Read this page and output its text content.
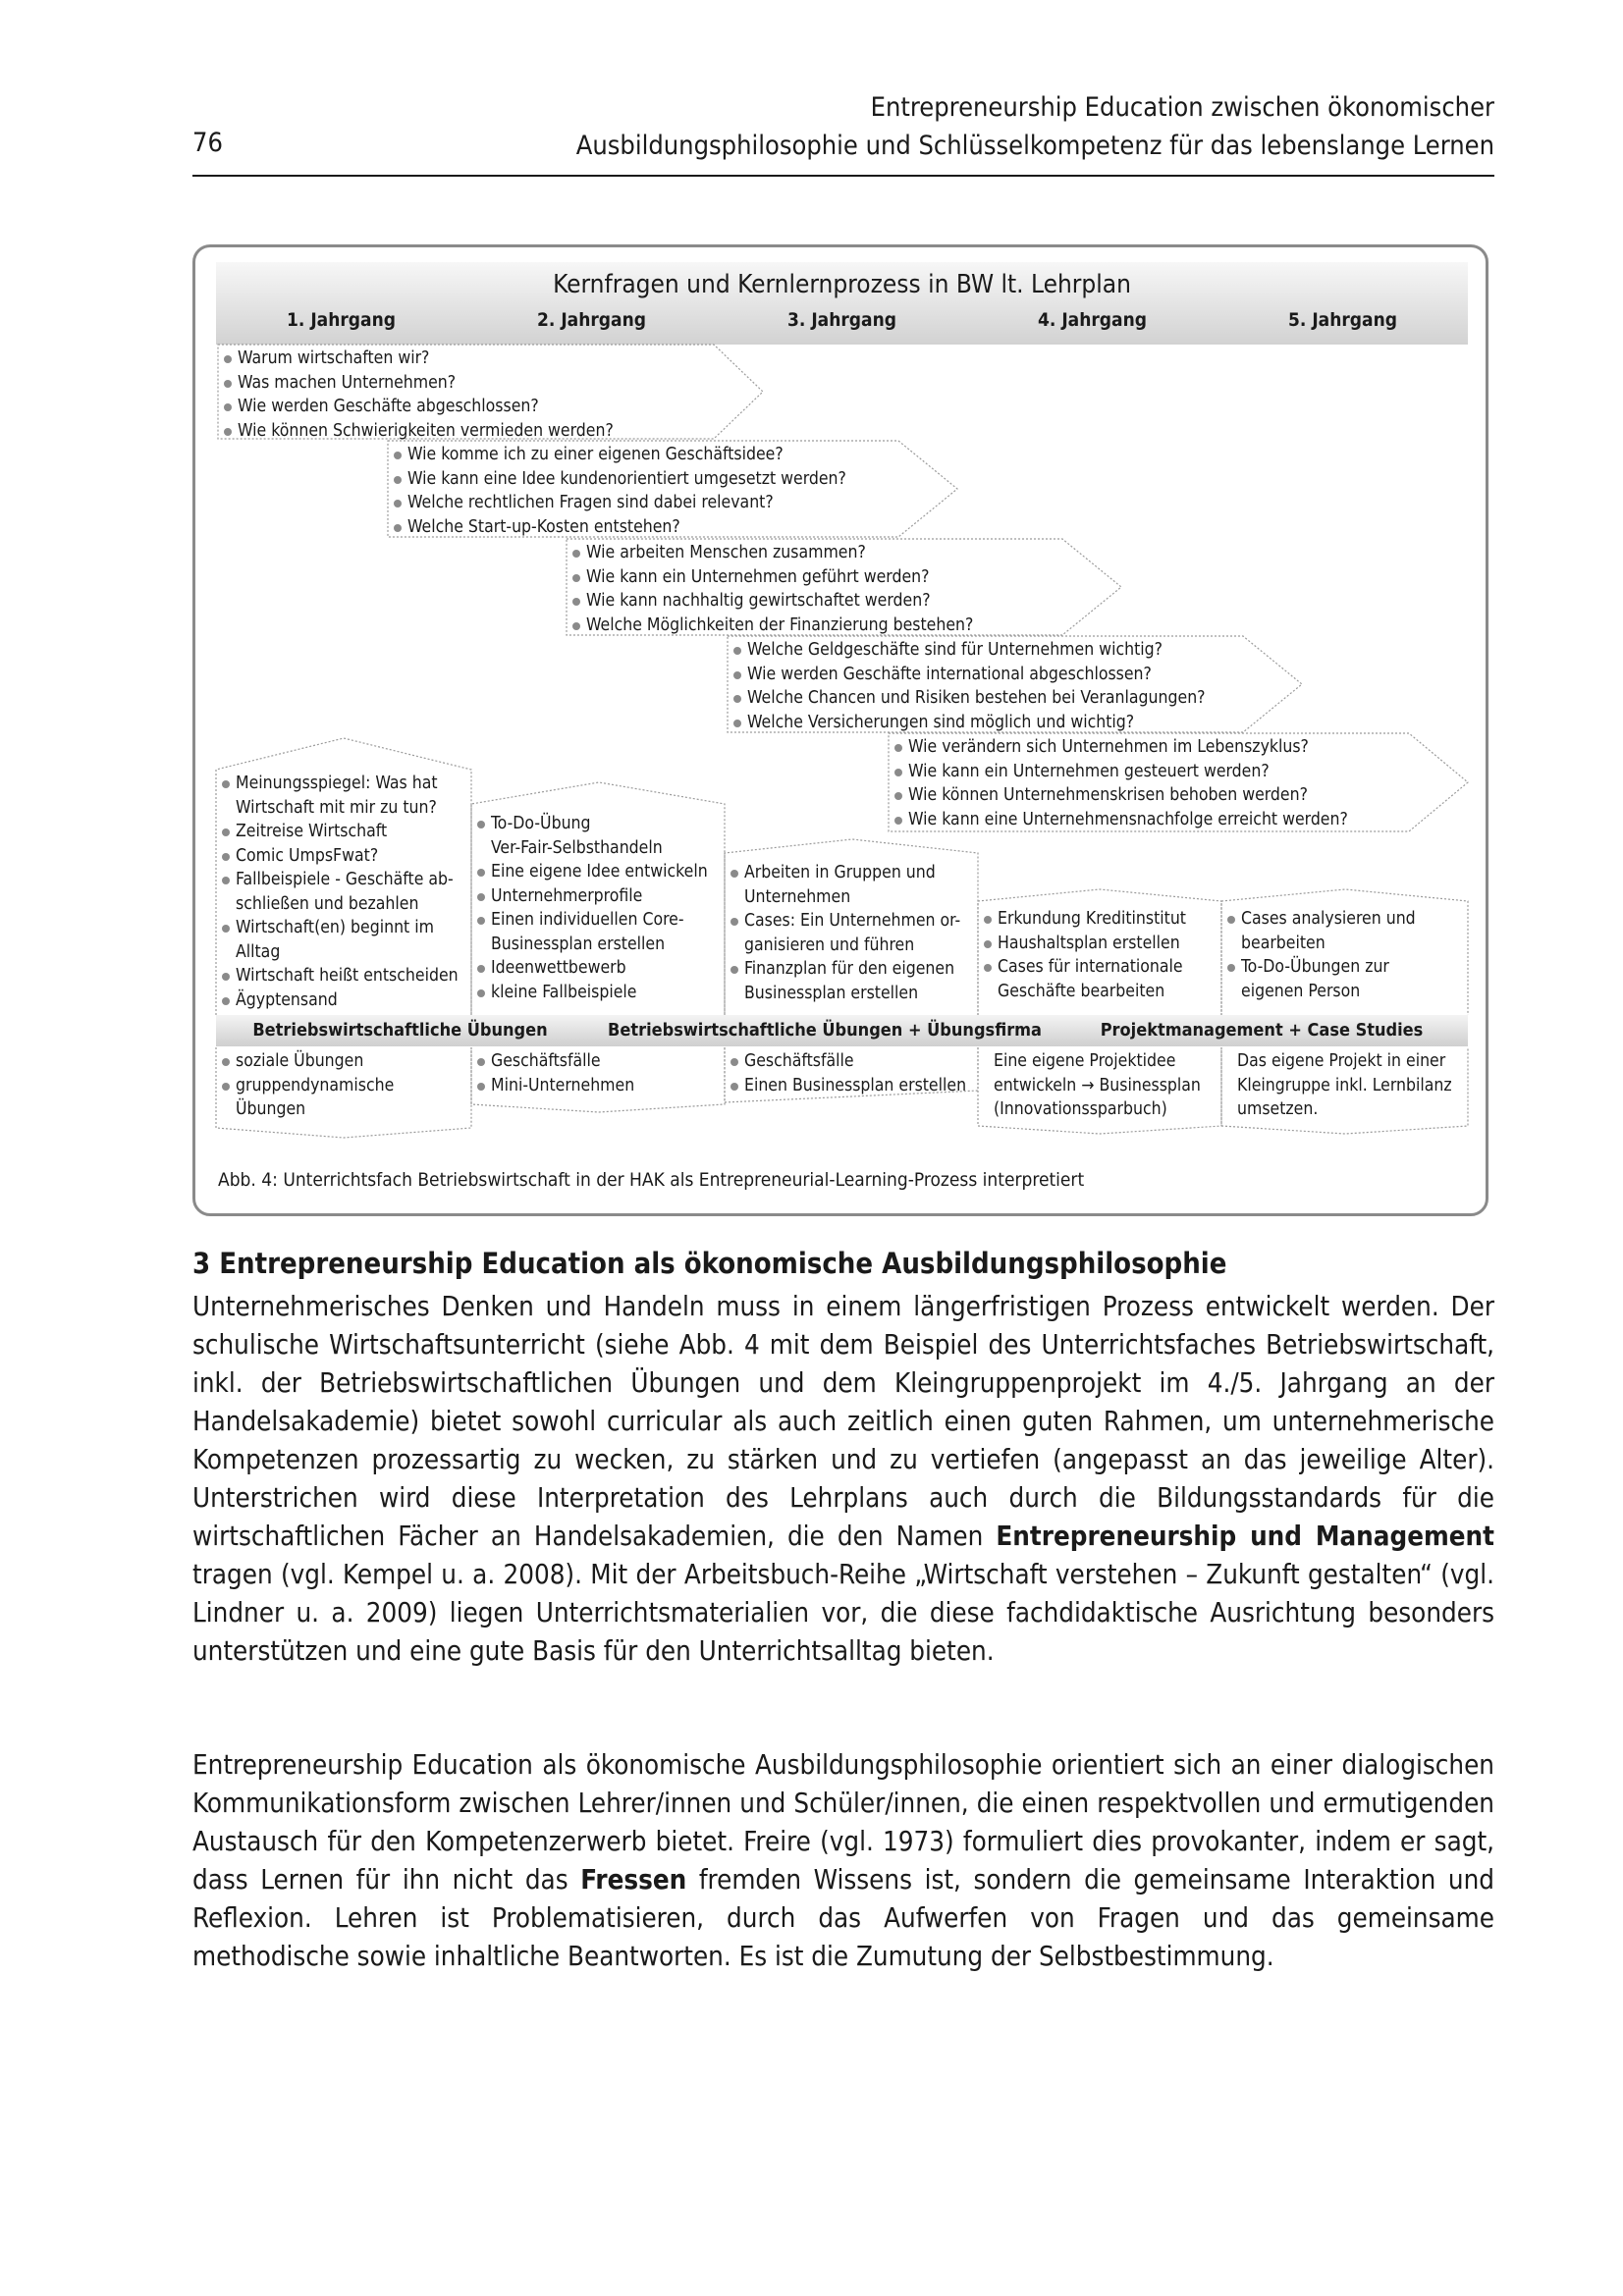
76
Entrepreneurship Education zwischen ökonomischer
Ausbildungsphilosophie und Schlüsselkompetenz für das lebenslange Lernen
Kernfragen und Kernlernprozess in BW lt. Lehrplan
1. Jahrgang	2. Jahrgang	3. Jahrgang	4. Jahrgang	5. Jahrgang
Warum wirtschaften wir?
Was machen Unternehmen?
Wie werden Geschäfte abgeschlossen?
Wie können Schwierigkeiten vermieden werden?
Wie komme ich zu einer eigenen Geschäftsidee?
Wie kann eine Idee kundenorientiert umgesetzt werden?
Welche rechtlichen Fragen sind dabei relevant?
Welche Start-up-Kosten entstehen?
Wie arbeiten Menschen zusammen?
Wie kann ein Unternehmen geführt werden?
Wie kann nachhaltig gewirtschaftet werden?
Welche Möglichkeiten der Finanzierung bestehen?
Welche Geldgeschäfte sind für Unternehmen wichtig?
Wie werden Geschäfte international abgeschlossen?
Welche Chancen und Risiken bestehen bei Veranlagungen?
Welche Versicherungen sind möglich und wichtig?
Wie verändern sich Unternehmen im Lebenszyklus?
Wie kann ein Unternehmen gesteuert werden?
Wie können Unternehmenskrisen behoben werden?
Wie kann eine Unternehmensnachfolge erreicht werden?
Meinungsspiegel: Was hat
Wirtschaft mit mir zu tun?
Zeitreise Wirtschaft
Comic UmpsFwat?
Fallbeispiele - Geschäfte ab-
schließen und bezahlen
Wirtschaft(en) beginnt im
Alltag
Wirtschaft heißt entscheiden
Ägyptensand
To-Do-Übung
Ver-Fair-Selbsthandeln
Eine eigene Idee entwickeln
Unternehmerprofile
Einen individuellen Core-
Businessplan erstellen
Ideenwettbewerb
kleine Fallbeispiele
Arbeiten in Gruppen und
Unternehmen
Cases: Ein Unternehmen or-
ganisieren und führen
Finanzplan für den eigenen
Businessplan erstellen
Erkundung Kreditinstitut
Haushaltsplan erstellen
Cases für internationale
Geschäfte bearbeiten
Cases analysieren und
bearbeiten
To-Do-Übungen zur
eigenen Person
Betriebswirtschaftliche Übungen	Betriebswirtschaftliche Übungen + Übungsfirma	Projektmanagement + Case Studies
soziale Übungen
gruppendynamische
Übungen
Geschäftsfälle
Mini-Unternehmen
Geschäftsfälle
Einen Businessplan erstellen
Eine eigene Projektidee
entwickeln → Businessplan
(Innovationssparbuch)
Das eigene Projekt in einer
Kleingruppe inkl. Lernbilanz
umsetzen.
Abb. 4: Unterrichtsfach Betriebswirtschaft in der HAK als Entrepreneurial-Learning-Prozess interpretiert
3 Entrepreneurship Education als ökonomische Ausbildungsphilosophie

Unternehmerisches Denken und Handeln muss in einem längerfristigen Prozess entwickelt werden. Der schulische Wirtschaftsunterricht (siehe Abb. 4 mit dem Beispiel des Unterrichtsfaches Betriebswirtschaft, inkl. der Betriebswirtschaftlichen Übungen und dem Kleingruppenprojekt im 4./5. Jahrgang an der Handelsakademie) bietet sowohl curricular als auch zeitlich einen guten Rahmen, um unternehmerische Kompetenzen prozessartig zu wecken, zu stärken und zu vertiefen (angepasst an das jeweilige Alter). Unterstrichen wird diese Interpretation des Lehrplans auch durch die Bildungsstandards für die wirtschaftlichen Fächer an Handelsakademien, die den Namen Entrepreneurship und Management tragen (vgl. Kempel u. a. 2008). Mit der Arbeitsbuch-Reihe „Wirtschaft verstehen – Zukunft gestalten“ (vgl. Lindner u. a. 2009) liegen Unterrichtsmaterialien vor, die diese fachdidaktische Ausrichtung besonders unterstützen und eine gute Basis für den Unterrichtsalltag bieten.

Entrepreneurship Education als ökonomische Ausbildungsphilosophie orientiert sich an einer dialogischen Kommunikationsform zwischen Lehrer/innen und Schüler/innen, die einen respektvollen und ermutigenden Austausch für den Kompetenzerwerb bietet. Freire (vgl. 1973) formuliert dies provokanter, indem er sagt, dass Lernen für ihn nicht das Fressen fremden Wissens ist, sondern die gemeinsame Interaktion und Reflexion. Lehren ist Problematisieren, durch das Aufwerfen von Fragen und das gemeinsame methodische sowie inhaltliche Beantworten. Es ist die Zumutung der Selbstbestimmung.
